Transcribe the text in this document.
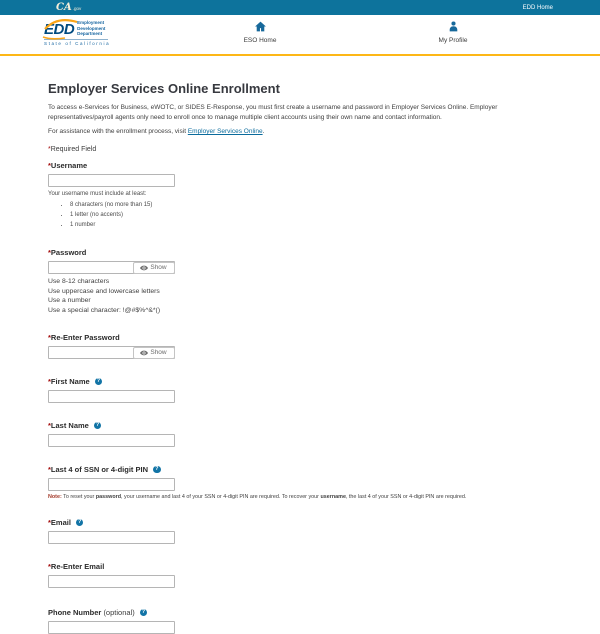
CA .gov	EDD Home
EDD Employment
Development
Department
State of California	ESO Home	My Profile
Employer Services Online Enrollment

To access e-Services for Business, eWOTC, or SIDES E-Response, you must first create a username and password in Employer Services Online. Employer representatives/payroll agents only need to enroll once to manage multiple client accounts using their own name and contact information.

For assistance with the enrollment process, visit Employer Services Online.

*Required Field

*Username
Your username must include at least:
• 8 characters (no more than 15)
• 1 letter (no accents)
• 1 number
*Password
Show
Use 8-12 characters
Use uppercase and lowercase letters
Use a number
Use a special character: !@#$%^&*()
*Re-Enter Password
Show
*First Name	?
*Last Name	?
*Last 4 of SSN or 4-digit PIN	?
Note: To reset your password, your username and last 4 of your SSN or 4-digit PIN are required. To recover your username, the last 4 of your SSN or 4-digit PIN are required.
*Email	?
*Re-Enter Email
Phone Number (optional)	?
